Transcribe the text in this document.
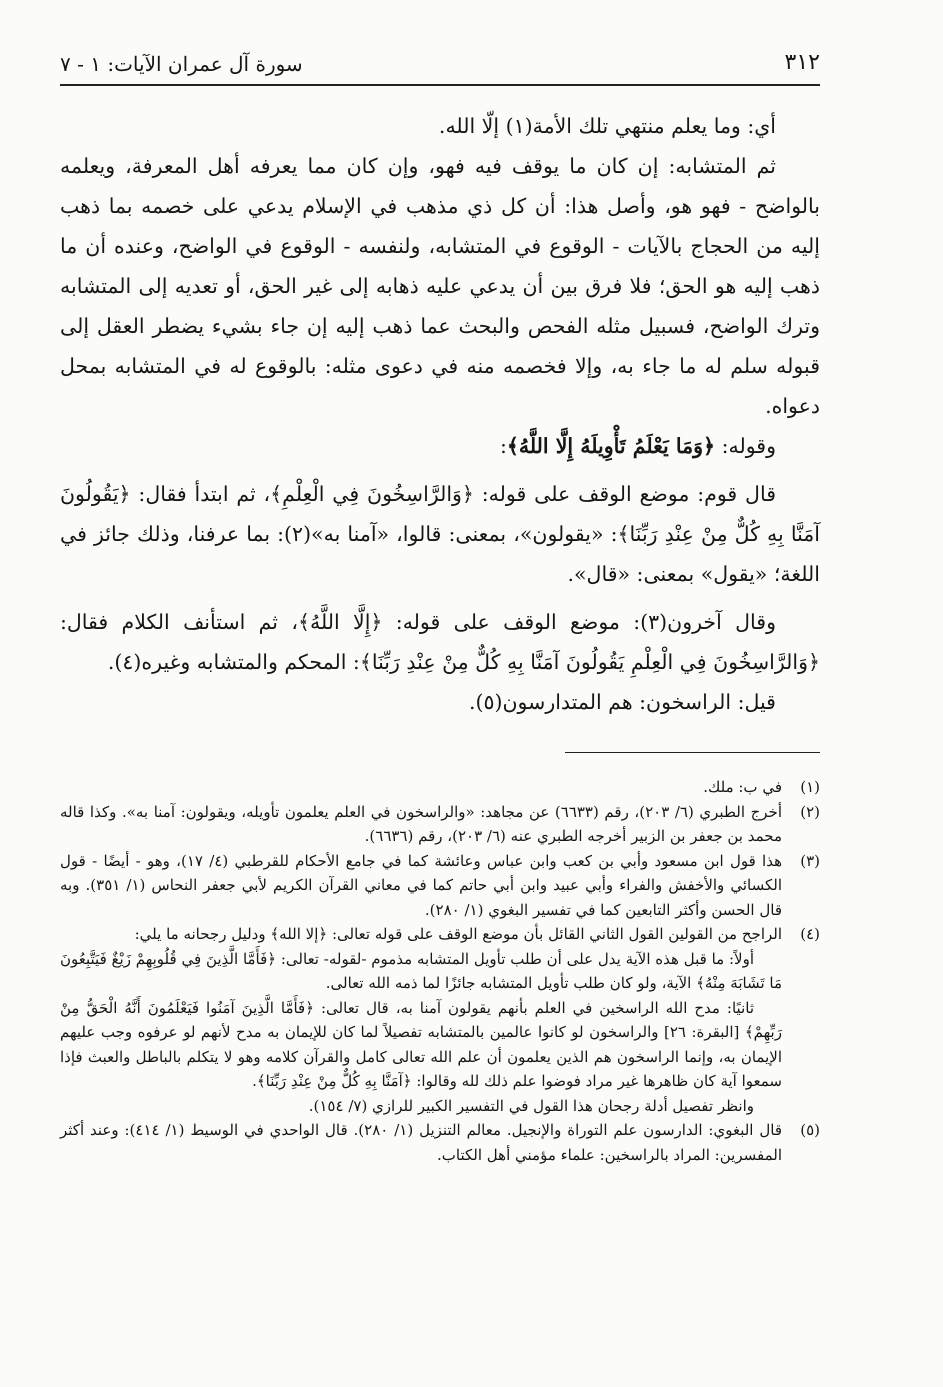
٣١٢
سورة آل عمران الآيات: ١ - ٧

أي: وما يعلم منتهي تلك الأمة(١) إلّا الله.

ثم المتشابه: إن كان ما يوقف فيه فهو، وإن كان مما يعرفه أهل المعرفة، ويعلمه بالواضح - فهو هو، وأصل هذا: أن كل ذي مذهب في الإسلام يدعي على خصمه بما ذهب إليه من الحجاج بالآيات - الوقوع في المتشابه، ولنفسه - الوقوع في الواضح، وعنده أن ما ذهب إليه هو الحق؛ فلا فرق بين أن يدعي عليه ذهابه إلى غير الحق، أو تعديه إلى المتشابه وترك الواضح، فسبيل مثله الفحص والبحث عما ذهب إليه إن جاء بشيء يضطر العقل إلى قبوله سلم له ما جاء به، وإلا فخصمه منه في دعوى مثله: بالوقوع له في المتشابه بمحل دعواه.

وقوله: ﴿وَمَا يَعْلَمُ تَأْوِيلَهُ إِلَّا اللَّهُ﴾:

قال قوم: موضع الوقف على قوله: ﴿وَالرَّاسِخُونَ فِي الْعِلْمِ﴾، ثم ابتدأ فقال: ﴿يَقُولُونَ آمَنَّا بِهِ كُلٌّ مِنْ عِنْدِ رَبِّنَا﴾: «يقولون»، بمعنى: قالوا، «آمنا به»(٢): بما عرفنا، وذلك جائز في اللغة؛ «يقول» بمعنى: «قال».

وقال آخرون(٣): موضع الوقف على قوله: ﴿إِلَّا اللَّهُ﴾، ثم استأنف الكلام فقال: ﴿وَالرَّاسِخُونَ فِي الْعِلْمِ يَقُولُونَ آمَنَّا بِهِ كُلٌّ مِنْ عِنْدِ رَبِّنَا﴾: المحكم والمتشابه وغيره(٤).

قيل: الراسخون: هم المتدارسون(٥).

(١)
في ب: ملك.
(٢)
أخرج الطبري (٦/ ٢٠٣)، رقم (٦٦٣٣) عن مجاهد: «والراسخون في العلم يعلمون تأويله، ويقولون: آمنا به». وكذا قاله محمد بن جعفر بن الزبير أخرجه الطبري عنه (٦/ ٢٠٣)، رقم (٦٦٣٦).
(٣)
هذا قول ابن مسعود وأبي بن كعب وابن عباس وعائشة كما في جامع الأحكام للقرطبي (٤/ ١٧)، وهو - أيضًا - قول الكسائي والأخفش والفراء وأبي عبيد وابن أبي حاتم كما في معاني القرآن الكريم لأبي جعفر النحاس (١/ ٣٥١). وبه قال الحسن وأكثر التابعين كما في تفسير البغوي (١/ ٢٨٠).
(٤)
الراجح من القولين القول الثاني القائل بأن موضع الوقف على قوله تعالى: ﴿إلا الله﴾ ودليل رجحانه ما يلي:

أولاً: ما قبل هذه الآية يدل على أن طلب تأويل المتشابه مذموم -لقوله- تعالى: ﴿فَأَمَّا الَّذِينَ فِي قُلُوبِهِمْ زَيْغٌ فَيَتَّبِعُونَ مَا تَشَابَهَ مِنْهُ﴾ الآية، ولو كان طلب تأويل المتشابه جائزًا لما ذمه الله تعالى.

ثانيًا: مدح الله الراسخين في العلم بأنهم يقولون آمنا به، قال تعالى: ﴿فَأَمَّا الَّذِينَ آمَنُوا فَيَعْلَمُونَ أَنَّهُ الْحَقُّ مِنْ رَبِّهِمْ﴾ [البقرة: ٢٦] والراسخون لو كانوا عالمين بالمتشابه تفصيلاً لما كان للإيمان به مدح لأنهم لو عرفوه وجب عليهم الإيمان به، وإنما الراسخون هم الذين يعلمون أن علم الله تعالى كامل والقرآن كلامه وهو لا يتكلم بالباطل والعبث فإذا سمعوا آية كان ظاهرها غير مراد فوضوا علم ذلك لله وقالوا: ﴿آمَنَّا بِهِ كُلٌّ مِنْ عِنْدِ رَبِّنَا﴾.

وانظر تفصيل أدلة رجحان هذا القول في التفسير الكبير للرازي (٧/ ١٥٤).

(٥)
قال البغوي: الدارسون علم التوراة والإنجيل. معالم التنزيل (١/ ٢٨٠). قال الواحدي في الوسيط (١/ ٤١٤): وعند أكثر المفسرين: المراد بالراسخين: علماء مؤمني أهل الكتاب.
